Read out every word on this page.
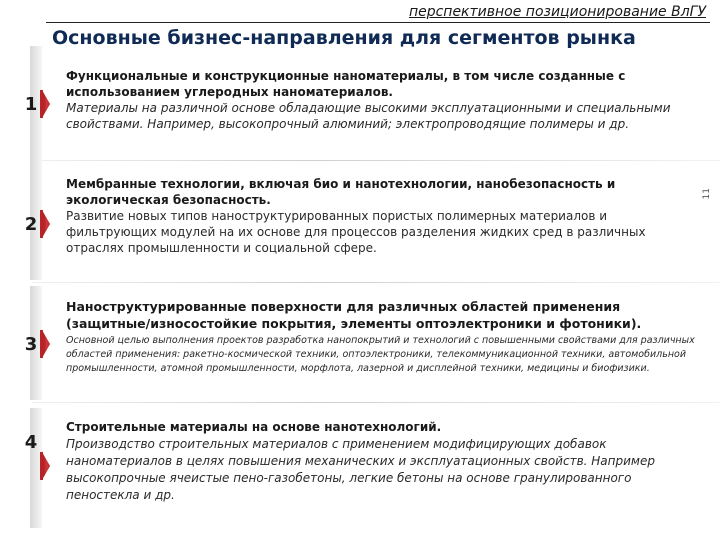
перспективное позиционирование ВлГУ
Основные бизнес-направления для сегментов рынка
11
1
Функциональные и конструкционные наноматериалы, в том числе созданные с использованием углеродных наноматериалов.
Материалы на различной основе обладающие высокими эксплуатационными и специальными свойствами. Например, высокопрочный алюминий; электропроводящие полимеры и др.
2
Мембранные технологии, включая био и нанотехнологии, нанобезопасность и экологическая безопасность.
Развитие новых типов наноструктурированных пористых полимерных материалов и фильтрующих модулей на их основе для процессов разделения жидких сред в различных отраслях промышленности и социальной сфере.
3
Наноструктурированные поверхности для различных областей применения (защитные/износостойкие покрытия, элементы оптоэлектроники и фотоники).
Основной целью выполнения проектов разработка нанопокрытий и технологий с повышенными свойствами для различных областей применения: ракетно-космической техники, оптоэлектроники, телекоммуникационной техники, автомобильной промышленности, атомной промышленности, морфлота, лазерной и дисплейной техники, медицины и биофизики.
4
Строительные материалы на основе нанотехнологий.
Производство строительных материалов с применением модифицирующих добавок наноматериалов в целях повышения механических и эксплуатационных свойств. Например высокопрочные ячеистые пено-газобетоны, легкие бетоны на основе гранулированного пеностекла и др.
